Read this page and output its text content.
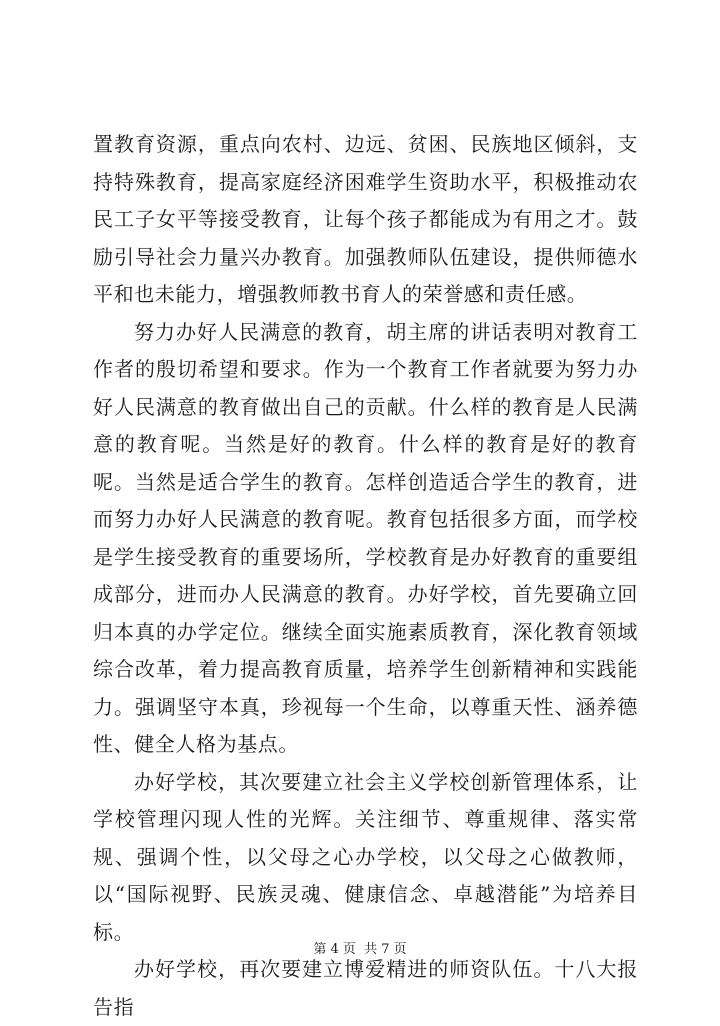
置教育资源，重点向农村、边远、贫困、民族地区倾斜，支持特殊教育，提高家庭经济困难学生资助水平，积极推动农民工子女平等接受教育，让每个孩子都能成为有用之才。鼓励引导社会力量兴办教育。加强教师队伍建设，提供师德水平和也未能力，增强教师教书育人的荣誉感和责任感。

努力办好人民满意的教育，胡主席的讲话表明对教育工作者的殷切希望和要求。作为一个教育工作者就要为努力办好人民满意的教育做出自己的贡献。什么样的教育是人民满意的教育呢。当然是好的教育。什么样的教育是好的教育呢。当然是适合学生的教育。怎样创造适合学生的教育，进而努力办好人民满意的教育呢。教育包括很多方面，而学校是学生接受教育的重要场所，学校教育是办好教育的重要组成部分，进而办人民满意的教育。办好学校，首先要确立回归本真的办学定位。继续全面实施素质教育，深化教育领域综合改革，着力提高教育质量，培养学生创新精神和实践能力。强调坚守本真，珍视每一个生命，以尊重天性、涵养德性、健全人格为基点。

办好学校，其次要建立社会主义学校创新管理体系，让学校管理闪现人性的光辉。关注细节、尊重规律、落实常规、强调个性，以父母之心办学校，以父母之心做教师，以“国际视野、民族灵魂、健康信念、卓越潜能”为培养目标。

办好学校，再次要建立博爱精进的师资队伍。十八大报告指

第 4 页 共 7 页
